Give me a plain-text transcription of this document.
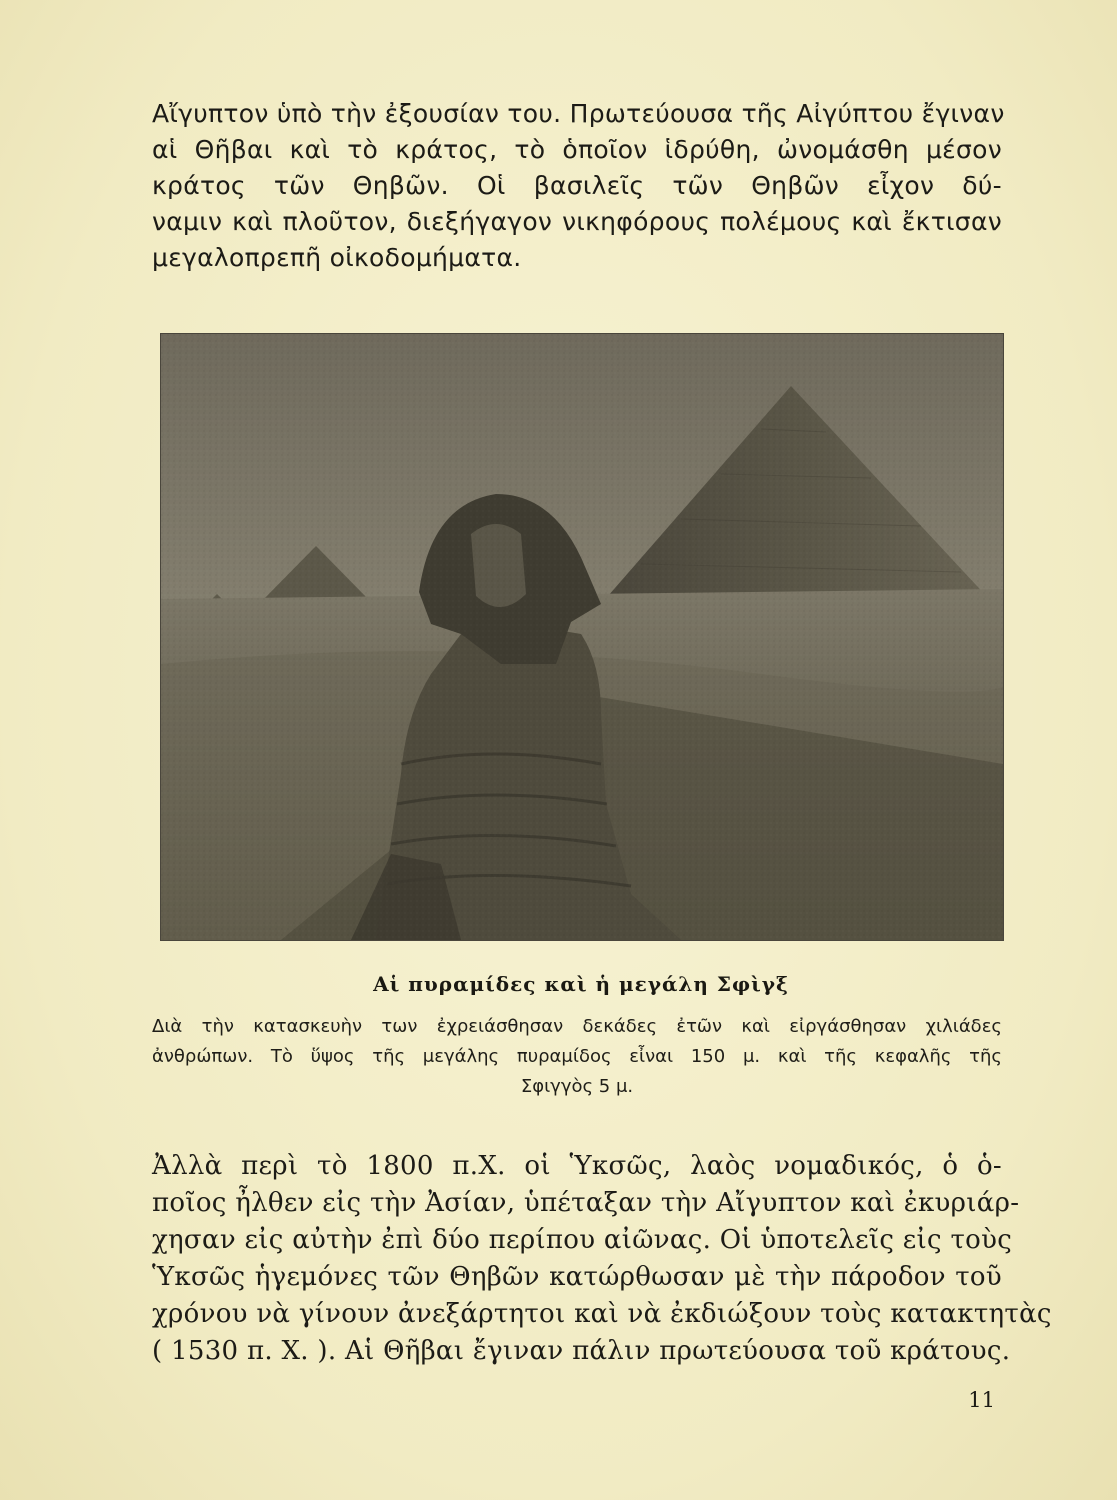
Αἴγυπτον ὑπὸ τὴν ἐξουσίαν του. Πρωτεύουσα τῆς Αἰγύπτου ἔγιναν
αἱ Θῆβαι καὶ τὸ κράτος, τὸ ὁποῖον ἱδρύθη, ὠνομάσθη μέσον
κράτος τῶν Θηβῶν. Οἱ βασιλεῖς τῶν Θηβῶν εἶχον δύ-
ναμιν καὶ πλοῦτον, διεξήγαγον νικηφόρους πολέμους καὶ ἔκτισαν
μεγαλοπρεπῆ οἰκοδομήματα.
Αἱ πυραμίδες καὶ ἡ μεγάλη Σφὶγξ
Διὰ τὴν κατασκευὴν των ἐχρειάσθησαν δεκάδες ἐτῶν καὶ εἰργάσθησαν χιλιάδες
ἀνθρώπων. Τὸ ὕψος τῆς μεγάλης πυραμίδος εἶναι 150 μ. καὶ τῆς κεφαλῆς τῆς
Σφιγγὸς 5 μ.
Ἀλλὰ περὶ τὸ 1800 π.Χ. οἱ Ὑκσῶς, λαὸς νομαδικός, ὁ ὁ-
ποῖος ἦλθεν εἰς τὴν Ἀσίαν, ὑπέταξαν τὴν Αἴγυπτον καὶ ἐκυριάρ-
χησαν εἰς αὐτὴν ἐπὶ δύο περίπου αἰῶνας. Οἱ ὑποτελεῖς εἰς τοὺς
Ὑκσῶς ἡγεμόνες τῶν Θηβῶν κατώρθωσαν μὲ τὴν πάροδον τοῦ
χρόνου νὰ γίνουν ἀνεξάρτητοι καὶ νὰ ἐκδιώξουν τοὺς κατακτητὰς
( 1530 π. Χ. ). Αἱ Θῆβαι ἔγιναν πάλιν πρωτεύουσα τοῦ κράτους.
11
